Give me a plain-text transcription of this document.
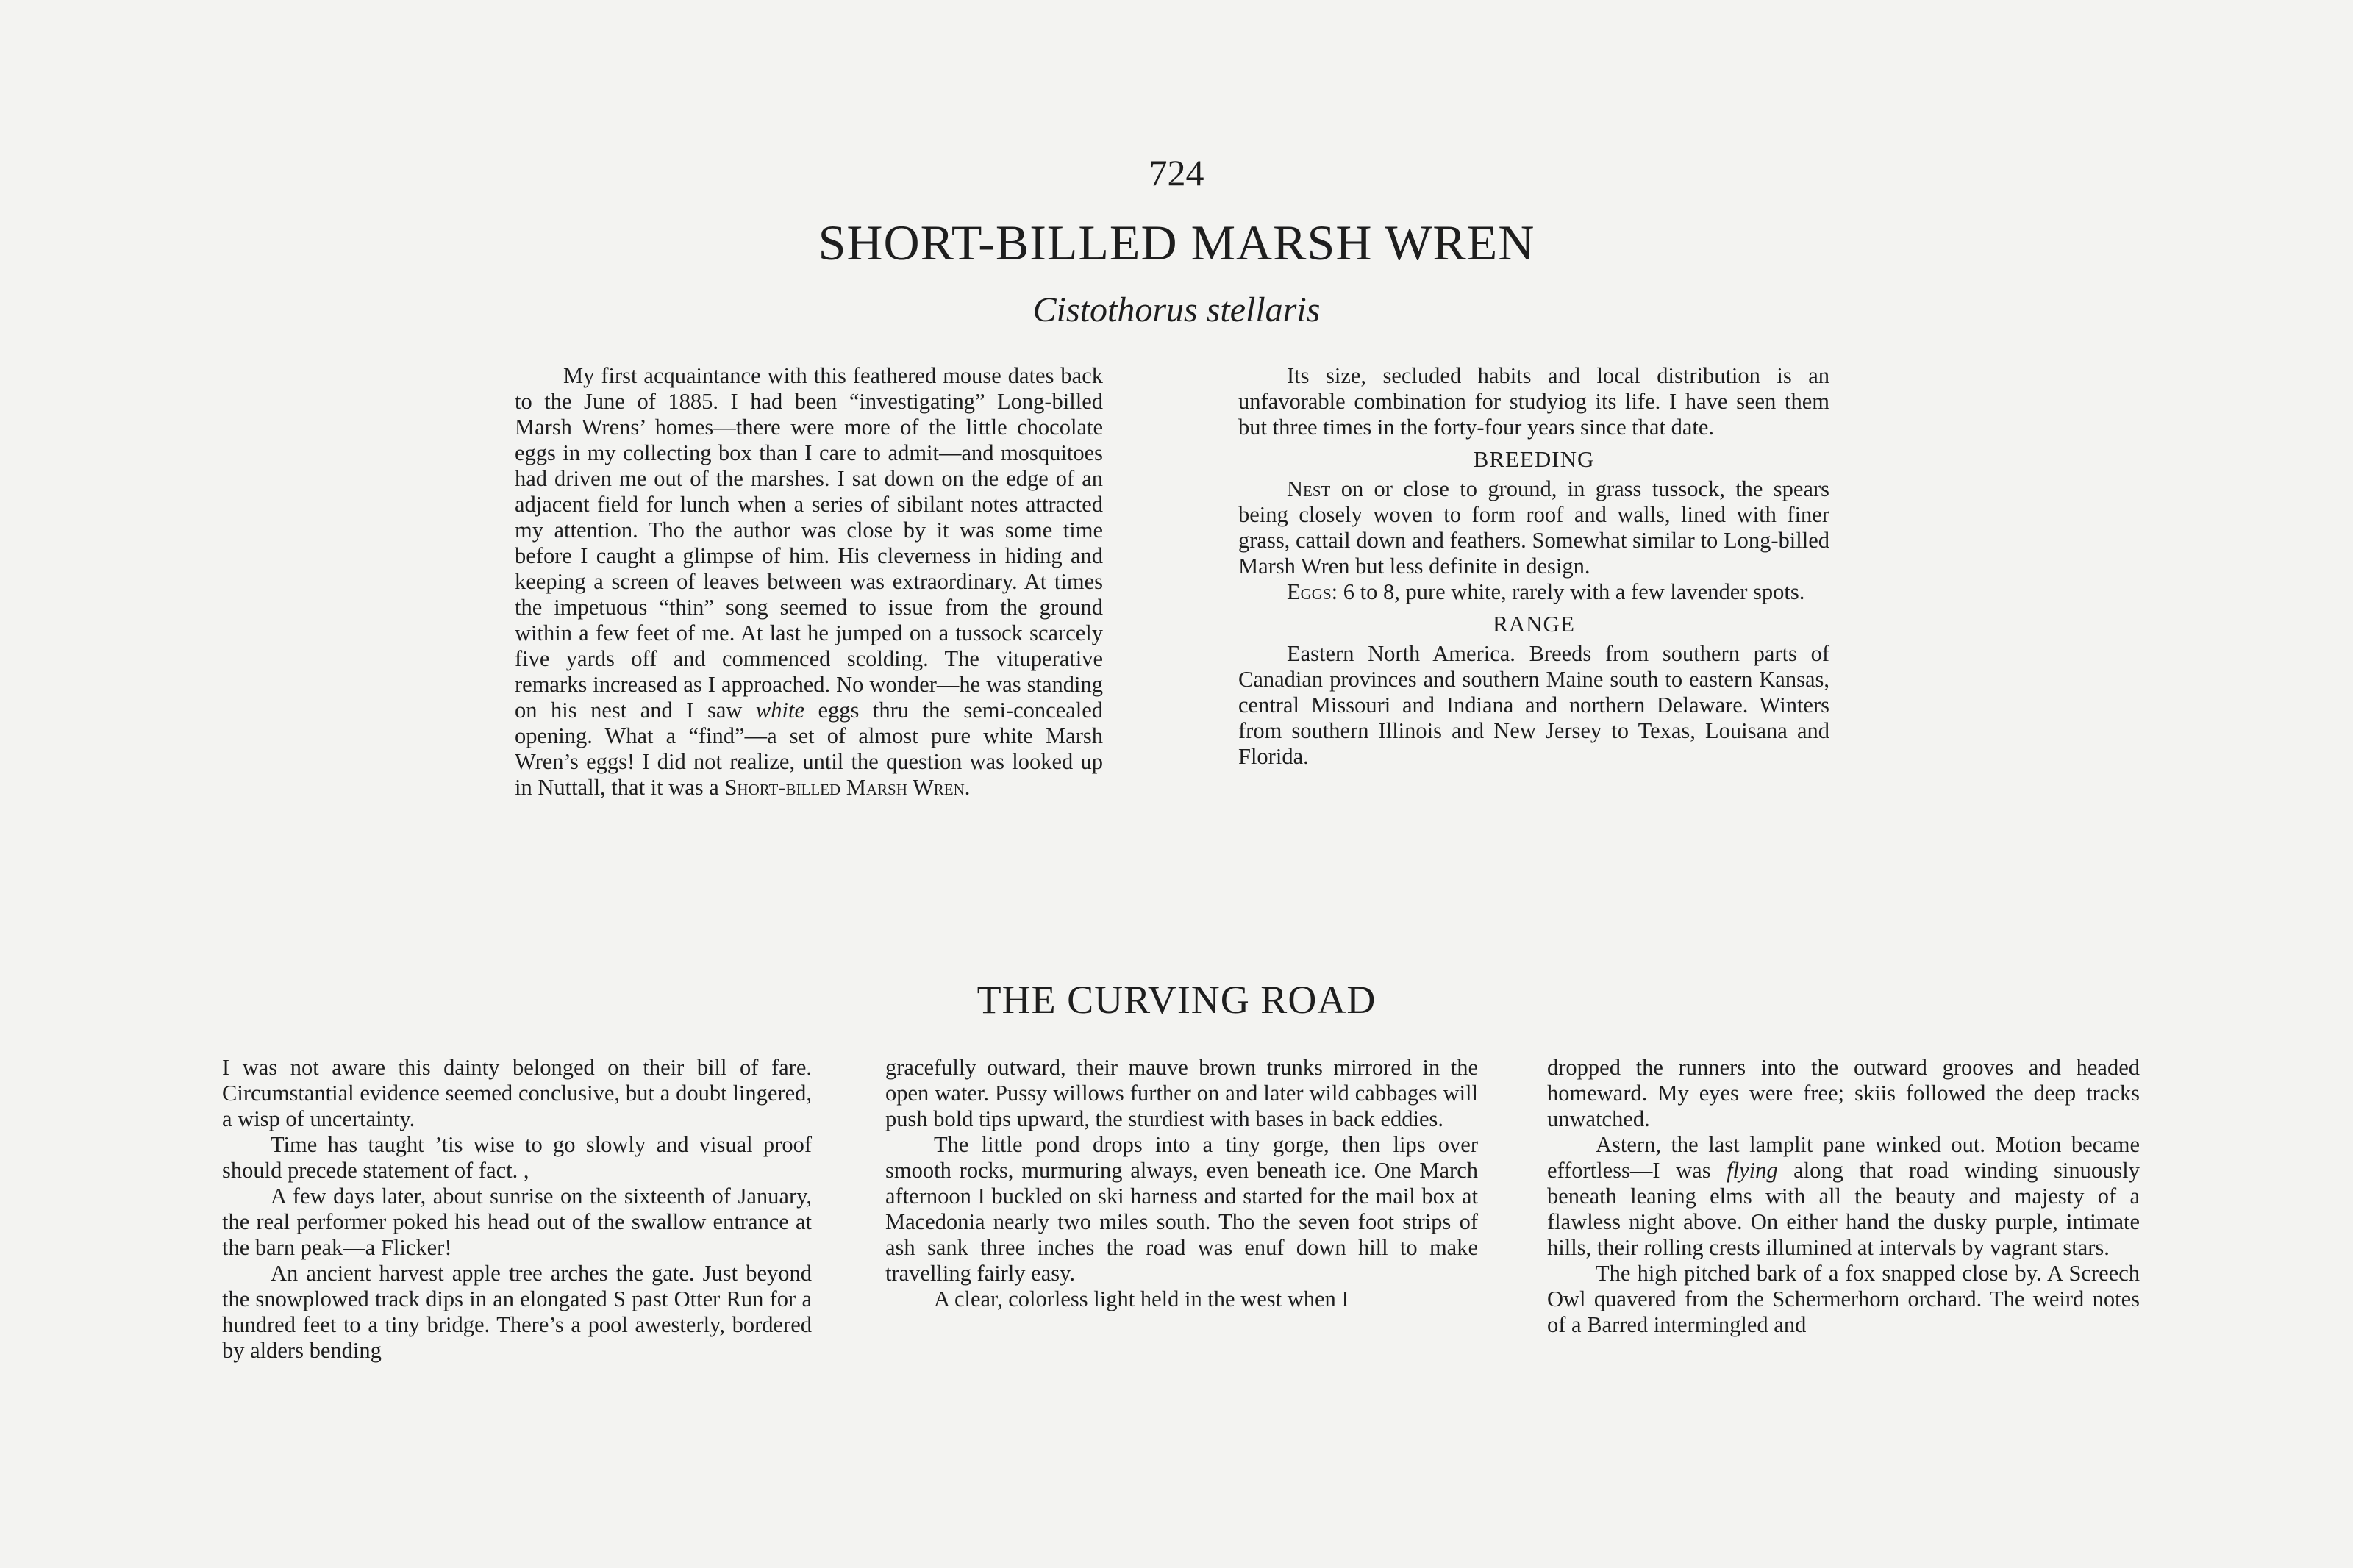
724
SHORT-BILLED MARSH WREN
Cistothorus stellaris

My first acquaintance with this feathered mouse dates back to the June of 1885. I had been “investigating” Long-billed Marsh Wrens’ homes—there were more of the little chocolate eggs in my collecting box than I care to admit—and mosquitoes had driven me out of the marshes. I sat down on the edge of an adjacent field for lunch when a series of sibilant notes attracted my attention. Tho the author was close by it was some time before I caught a glimpse of him. His cleverness in hiding and keeping a screen of leaves between was extraordinary. At times the impetuous “thin” song seemed to issue from the ground within a few feet of me. At last he jumped on a tussock scarcely five yards off and commenced scolding. The vituperative remarks increased as I approached. No wonder—he was standing on his nest and I saw white eggs thru the semi-concealed opening. What a “find”—a set of almost pure white Marsh Wren’s eggs! I did not realize, until the question was looked up in Nuttall, that it was a Short-billed Marsh Wren.

Its size, secluded habits and local distribution is an unfavorable combination for studyiog its life. I have seen them but three times in the forty-four years since that date.

BREEDING

Nest on or close to ground, in grass tussock, the spears being closely woven to form roof and walls, lined with finer grass, cattail down and feathers. Somewhat similar to Long-billed Marsh Wren but less definite in design.

Eggs: 6 to 8, pure white, rarely with a few lavender spots.

RANGE

Eastern North America. Breeds from southern parts of Canadian provinces and southern Maine south to eastern Kansas, central Missouri and Indiana and northern Delaware. Winters from southern Illinois and New Jersey to Texas, Louisana and Florida.

THE CURVING ROAD

I was not aware this dainty belonged on their bill of fare. Circumstantial evidence seemed conclusive, but a doubt lingered, a wisp of uncertainty.

Time has taught ’tis wise to go slowly and visual proof should precede statement of fact. ,

A few days later, about sunrise on the sixteenth of January, the real performer poked his head out of the swallow entrance at the barn peak—a Flicker!

An ancient harvest apple tree arches the gate. Just beyond the snowplowed track dips in an elongated S past Otter Run for a hundred feet to a tiny bridge. There’s a pool awesterly, bordered by alders bending

gracefully outward, their mauve brown trunks mirrored in the open water. Pussy willows further on and later wild cabbages will push bold tips upward, the sturdiest with bases in back eddies.

The little pond drops into a tiny gorge, then lips over smooth rocks, murmuring always, even beneath ice. One March afternoon I buckled on ski harness and started for the mail box at Macedonia nearly two miles south. Tho the seven foot strips of ash sank three inches the road was enuf down hill to make travelling fairly easy.

A clear, colorless light held in the west when I

dropped the runners into the outward grooves and headed homeward. My eyes were free; skiis followed the deep tracks unwatched.

Astern, the last lamplit pane winked out. Motion became effortless—I was flying along that road winding sinuously beneath leaning elms with all the beauty and majesty of a flawless night above. On either hand the dusky purple, intimate hills, their rolling crests illumined at intervals by vagrant stars.

The high pitched bark of a fox snapped close by. A Screech Owl quavered from the Schermerhorn orchard. The weird notes of a Barred intermingled and
